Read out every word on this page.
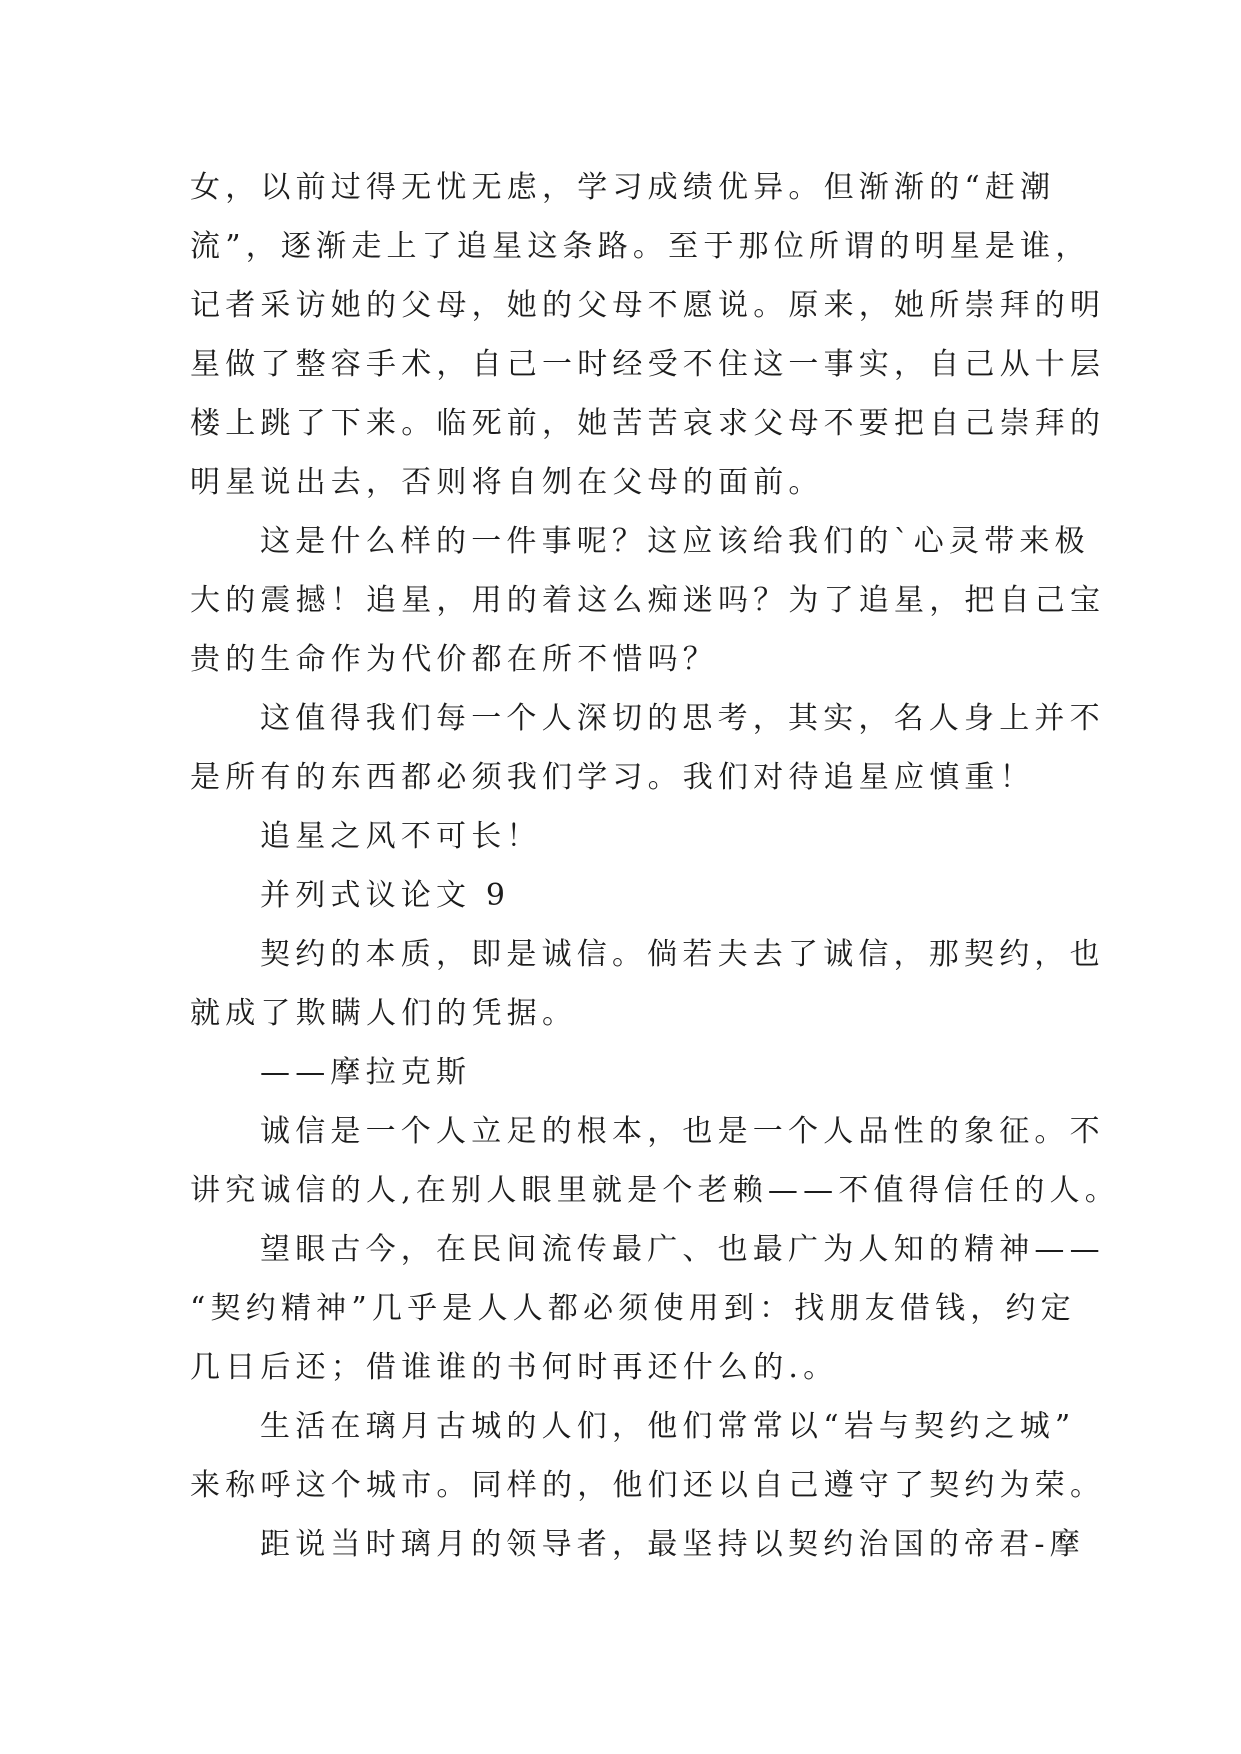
女，以前过得无忧无虑，学习成绩优异。但渐渐的“赶潮
流”，逐渐走上了追星这条路。至于那位所谓的明星是谁，
记者采访她的父母，她的父母不愿说。原来，她所崇拜的明
星做了整容手术，自己一时经受不住这一事实，自己从十层
楼上跳了下来。临死前，她苦苦哀求父母不要把自己崇拜的
明星说出去，否则将自刎在父母的面前。
这是什么样的一件事呢？这应该给我们的`心灵带来极
大的震撼！追星，用的着这么痴迷吗？为了追星，把自己宝
贵的生命作为代价都在所不惜吗？
这值得我们每一个人深切的思考，其实，名人身上并不
是所有的东西都必须我们学习。我们对待追星应慎重！
追星之风不可长！
并列式议论文 9
契约的本质，即是诚信。倘若夫去了诚信，那契约，也
就成了欺瞒人们的凭据。
——摩拉克斯
诚信是一个人立足的根本，也是一个人品性的象征。不
讲究诚信的人,在别人眼里就是个老赖——不值得信任的人。
望眼古今，在民间流传最广、也最广为人知的精神——
“契约精神”几乎是人人都必须使用到：找朋友借钱，约定
几日后还；借谁谁的书何时再还什么的.。
生活在璃月古城的人们，他们常常以“岩与契约之城”
来称呼这个城市。同样的，他们还以自己遵守了契约为荣。
距说当时璃月的领导者，最坚持以契约治国的帝君-摩
